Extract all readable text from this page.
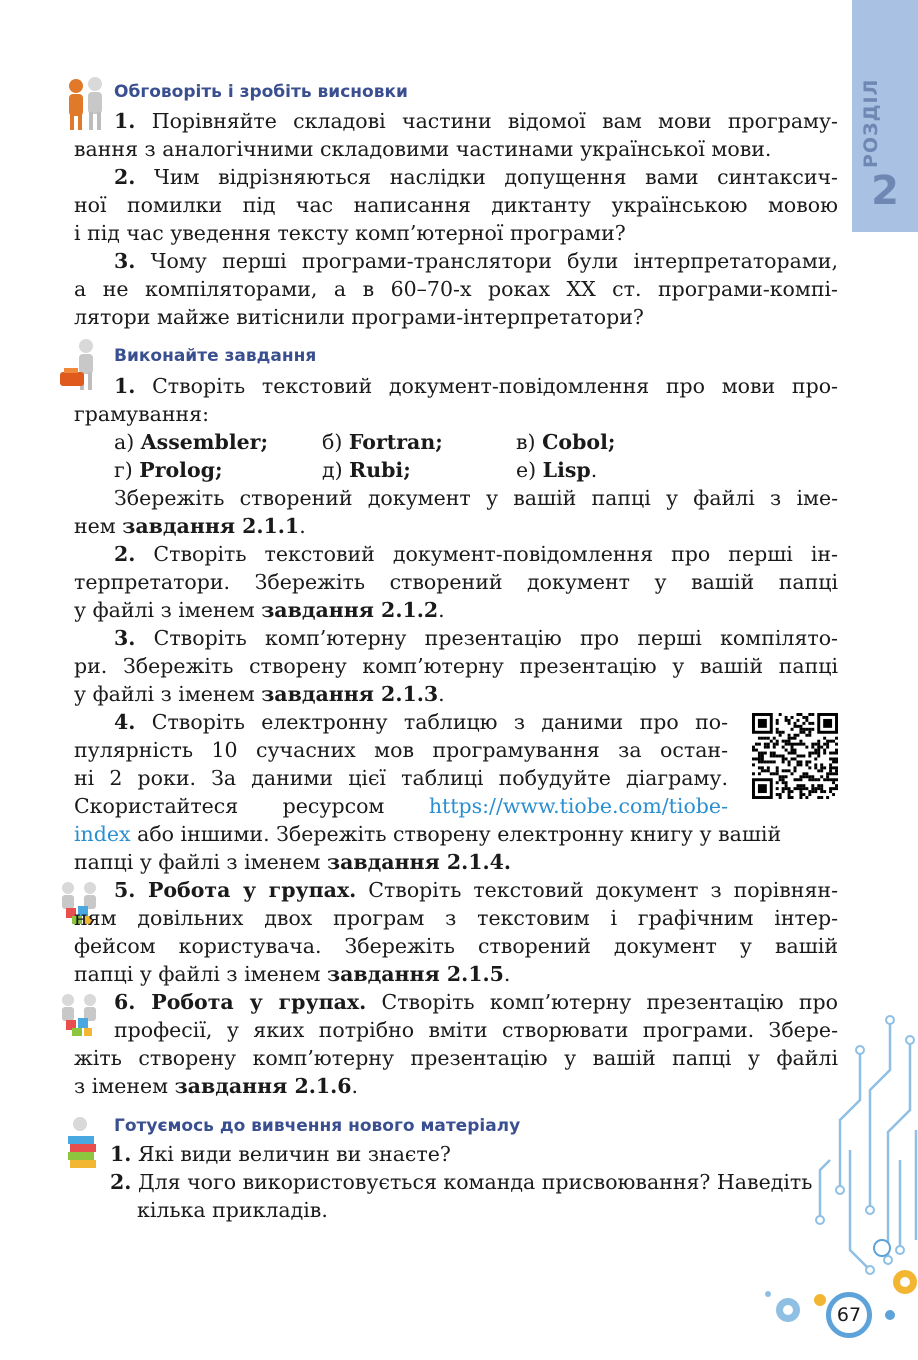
РОЗДІЛ
2
Обговоріть і зробіть висновки
1. Порівняйте складові частини відомої вам мови програму-
вання з аналогічними складовими частинами української мови.
2. Чим відрізняються наслідки допущення вами синтаксич-
ної помилки під час написання диктанту українською мовою
і під час уведення тексту комп’ютерної програми?
3. Чому перші програми-транслятори були інтерпретаторами,
а не компіляторами, а в 60–70-х роках XX ст. програми-компі-
лятори майже витіснили програми-інтерпретатори?
Виконайте завдання
1. Створіть текстовий документ-повідомлення про мови про-
грамування:
а) Assembler;	б) Fortran;	в) Cobol;
г) Prolog;	д) Rubi;	е) Lisp.
Збережіть створений документ у вашій папці у файлі з іме-
нем завдання 2.1.1.
2. Створіть текстовий документ-повідомлення про перші ін-
терпретатори. Збережіть створений документ у вашій папці
у файлі з іменем завдання 2.1.2.
3. Створіть комп’ютерну презентацію про перші компілято-
ри. Збережіть створену комп’ютерну презентацію у вашій папці
у файлі з іменем завдання 2.1.3.
4. Створіть електронну таблицю з даними про по-
пулярність 10 сучасних мов програмування за остан-
ні 2 роки. За даними цієї таблиці побудуйте діаграму.
Скористайтеся ресурсом https://www.tiobe.com/tiobe-
index або іншими. Збережіть створену електронну книгу у вашій
папці у файлі з іменем завдання 2.1.4.
5. Робота у групах. Створіть текстовий документ з порівнян-
ням довільних двох програм з текстовим і графічним інтер-
фейсом користувача. Збережіть створений документ у вашій
папці у файлі з іменем завдання 2.1.5.
6. Робота у групах. Створіть комп’ютерну презентацію про
професії, у яких потрібно вміти створювати програми. Збере-
жіть створену комп’ютерну презентацію у вашій папці у файлі
з іменем завдання 2.1.6.
Готуємось до вивчення нового матеріалу
1. Які види величин ви знаєте?
2. Для чого використовується команда присвоювання? Наведіть
кілька прикладів.
67
